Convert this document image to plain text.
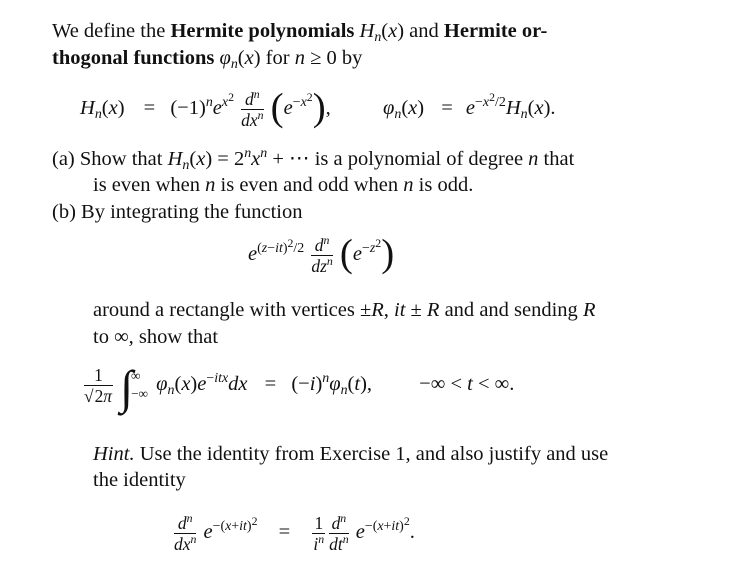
We define the Hermite polynomials $H_n(x)$ and Hermite or-
thogonal functions $\varphi_n(x)$ for n ≥ 0 by
$H_n(x) = (-1)^ne^{x^2} \frac{d^n}{dx^n} (e^{-x^2})$,  $\varphi_n(x) = e^{-x^2/2}H_n(x)$.
(a) Show that $H_n(x) = 2^nx^n$ + ⋯ is a polynomial of degree n that
is even when n is even and odd when n is odd.
(b) By integrating the function
$e^{(z-it)^2/2} \frac{d^n}{dz^n} (e^{-z^2})$
around a rectangle with vertices ±R, it ± R and and sending R
to ∞, show that
$\frac{1}{√2\pi}$ ∫
∞
−∞ $\varphi_n(x)e^{-itx}dx = (-i)^n\varphi_n(t)$, −∞ < t < ∞.
Hint. Use the identity from Exercise 1, and also justify and use
the identity
$\frac{d^n}{dx^n} e^{-(x+it)^2} = \frac{1}{i^n} \frac{d^n}{dt^n} e^{-(x+it)^2}$.
